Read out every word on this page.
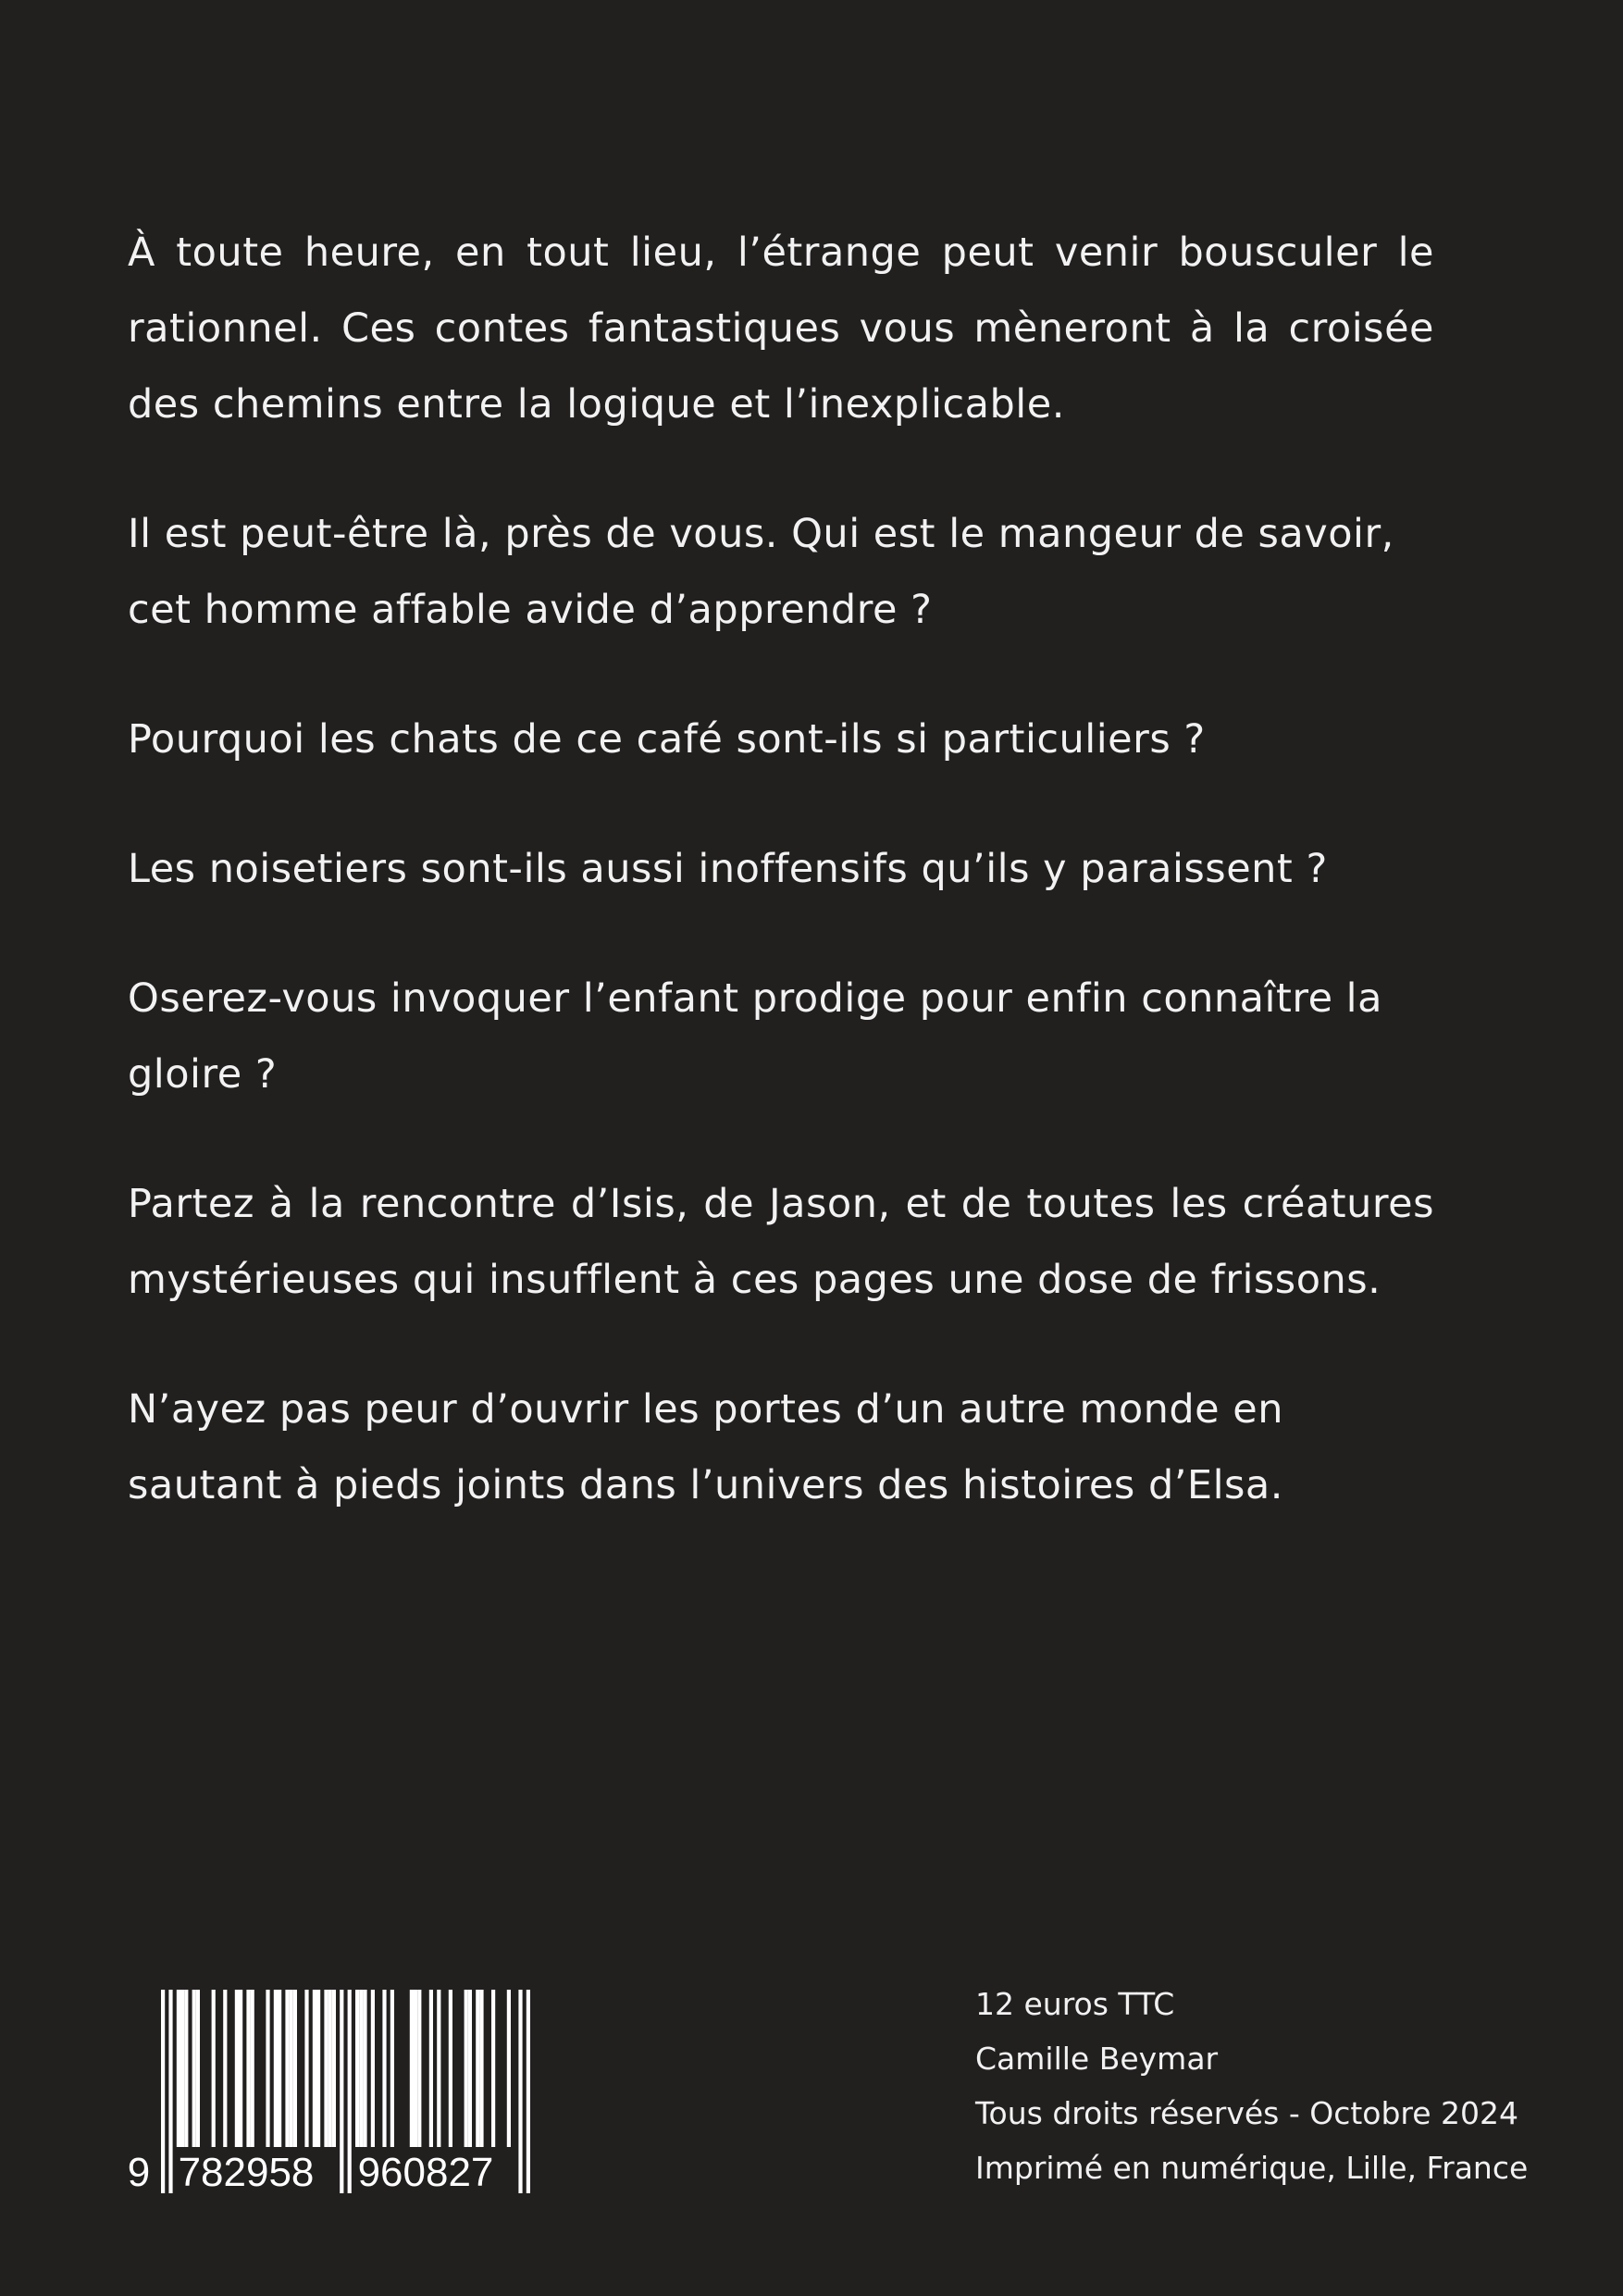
À toute heure, en tout lieu, l’étrange peut venir bousculer le rationnel. Ces contes fantastiques vous mèneront à la croisée des chemins entre la logique et l’inexplicable.

Il est peut-être là, près de vous. Qui est le mangeur de savoir, cet homme affable avide d’apprendre ?

Pourquoi les chats de ce café sont-ils si particuliers ?

Les noisetiers sont-ils aussi inoffensifs qu’ils y paraissent ?

Oserez-vous invoquer l’enfant prodige pour enfin connaître la gloire ?

Partez à la rencontre d’Isis, de Jason, et de toutes les créatures mystérieuses qui insufflent à ces pages une dose de frissons.

N’ayez pas peur d’ouvrir les portes d’un autre monde en sautant à pieds joints dans l’univers des histoires d’Elsa.

9 782958 960827
12 euros TTC
Camille Beymar
Tous droits réservés - Octobre 2024
Imprimé en numérique, Lille, France
